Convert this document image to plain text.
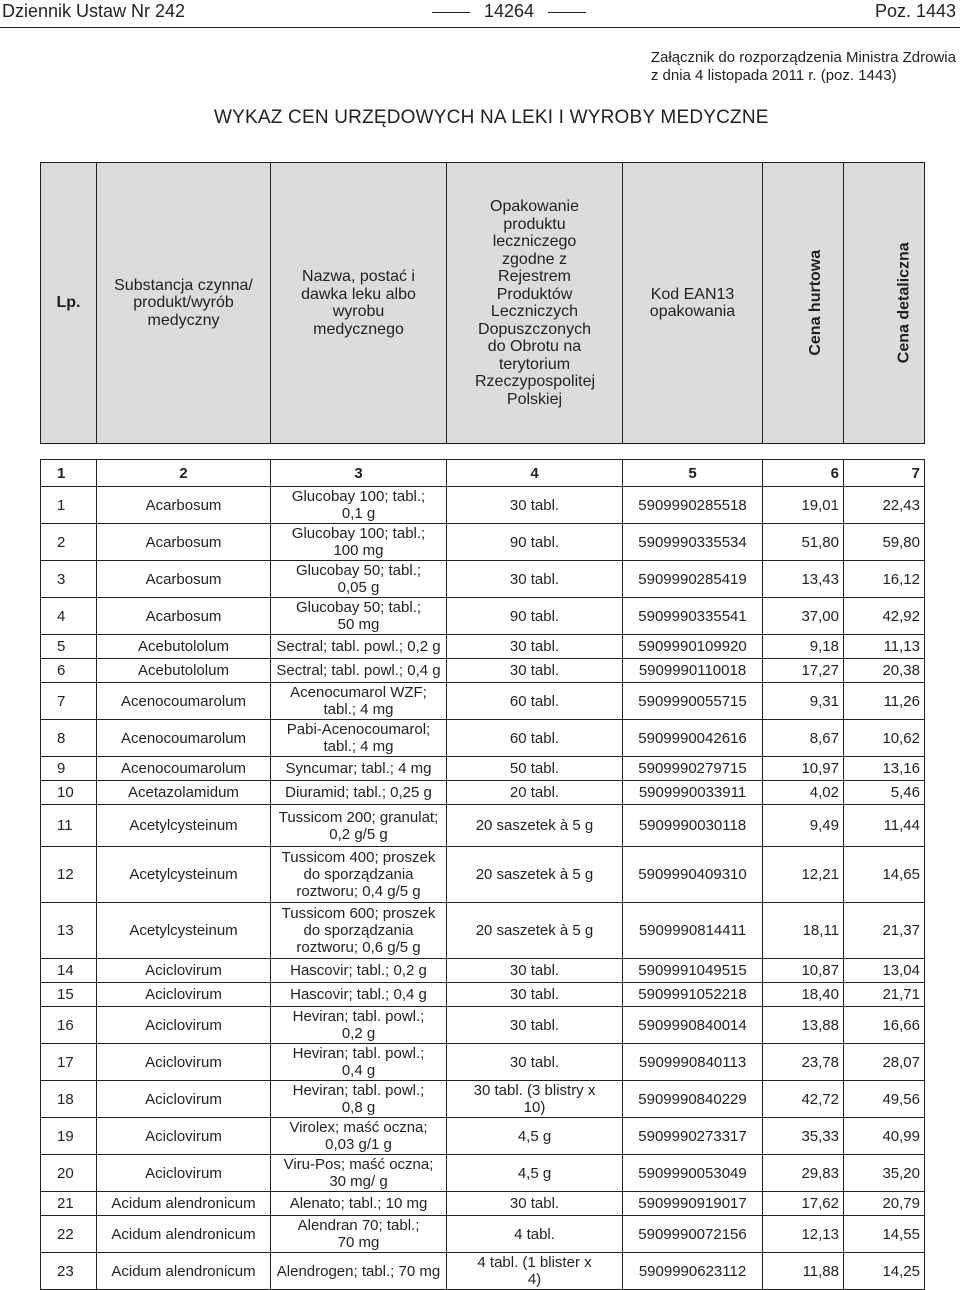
Dziennik Ustaw Nr 242	14264	Poz. 1443
Załącznik do rozporządzenia Ministra Zdrowia
z dnia 4 listopada 2011 r. (poz. 1443)
WYKAZ CEN URZĘDOWYCH NA LEKI I WYROBY MEDYCZNE
Lp.	Substancja czynna/ produkt/wyrób medyczny	Nazwa, postać i dawka leku albo wyrobu medycznego	Opakowanie produktu leczniczego zgodne z Rejestrem Produktów Leczniczych Dopuszczonych do Obrotu na terytorium Rzeczypospolitej Polskiej	Kod EAN13 opakowania	Cena hurtowa	Cena detaliczna
1	2	3	4	5	6	7
1	Acarbosum	Glucobay 100; tabl.;
0,1 g	30 tabl.	5909990285518	19,01	22,43
2	Acarbosum	Glucobay 100; tabl.;
100 mg	90 tabl.	5909990335534	51,80	59,80
3	Acarbosum	Glucobay 50; tabl.;
0,05 g	30 tabl.	5909990285419	13,43	16,12
4	Acarbosum	Glucobay 50; tabl.;
50 mg	90 tabl.	5909990335541	37,00	42,92
5	Acebutololum	Sectral; tabl. powl.; 0,2 g	30 tabl.	5909990109920	9,18	11,13
6	Acebutololum	Sectral; tabl. powl.; 0,4 g	30 tabl.	5909990110018	17,27	20,38
7	Acenocoumarolum	Acenocumarol WZF;
tabl.; 4 mg	60 tabl.	5909990055715	9,31	11,26
8	Acenocoumarolum	Pabi-Acenocoumarol;
tabl.; 4 mg	60 tabl.	5909990042616	8,67	10,62
9	Acenocoumarolum	Syncumar; tabl.; 4 mg	50 tabl.	5909990279715	10,97	13,16
10	Acetazolamidum	Diuramid; tabl.; 0,25 g	20 tabl.	5909990033911	4,02	5,46
11	Acetylcysteinum	Tussicom 200; granulat;
0,2 g/5 g	20 saszetek à 5 g	5909990030118	9,49	11,44
12	Acetylcysteinum	Tussicom 400; proszek
do sporządzania
roztworu; 0,4 g/5 g	20 saszetek à 5 g	5909990409310	12,21	14,65
13	Acetylcysteinum	Tussicom 600; proszek
do sporządzania
roztworu; 0,6 g/5 g	20 saszetek à 5 g	5909990814411	18,11	21,37
14	Aciclovirum	Hascovir; tabl.; 0,2 g	30 tabl.	5909991049515	10,87	13,04
15	Aciclovirum	Hascovir; tabl.; 0,4 g	30 tabl.	5909991052218	18,40	21,71
16	Aciclovirum	Heviran; tabl. powl.;
0,2 g	30 tabl.	5909990840014	13,88	16,66
17	Aciclovirum	Heviran; tabl. powl.;
0,4 g	30 tabl.	5909990840113	23,78	28,07
18	Aciclovirum	Heviran; tabl. powl.;
0,8 g	30 tabl. (3 blistry x
10)	5909990840229	42,72	49,56
19	Aciclovirum	Virolex; maść oczna;
0,03 g/1 g	4,5 g	5909990273317	35,33	40,99
20	Aciclovirum	Viru-Pos; maść oczna;
30 mg/ g	4,5 g	5909990053049	29,83	35,20
21	Acidum alendronicum	Alenato; tabl.; 10 mg	30 tabl.	5909990919017	17,62	20,79
22	Acidum alendronicum	Alendran 70; tabl.;
70 mg	4 tabl.	5909990072156	12,13	14,55
23	Acidum alendronicum	Alendrogen; tabl.; 70 mg	4 tabl. (1 blister x
4)	5909990623112	11,88	14,25
